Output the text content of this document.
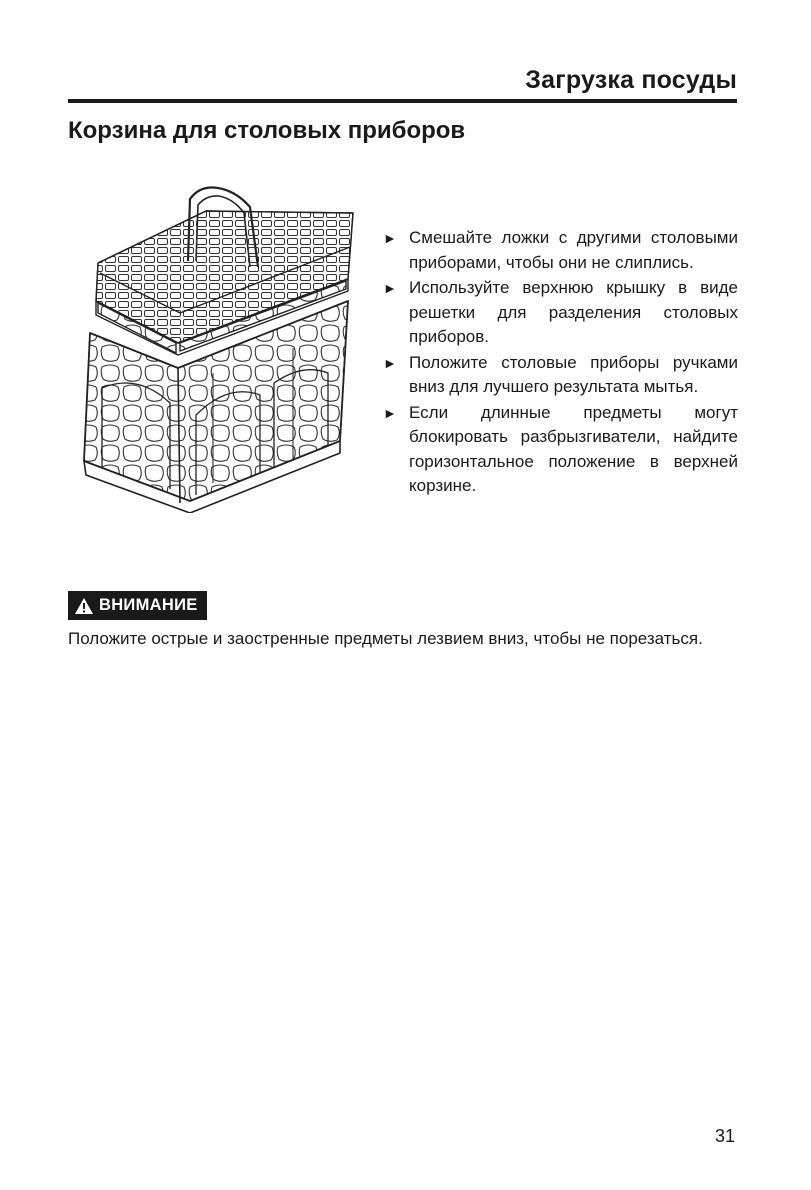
Загрузка посуды
Корзина для столовых приборов
► Смешайте ложки с другими столовыми приборами, чтобы они не слиплись.
► Используйте верхнюю крышку в виде решетки для разделения столовых приборов.
► Положите столовые приборы ручками вниз для лучшего результата мытья.
► Если длинные предметы могут блокировать разбрызгиватели, найдите горизонтальное положение в верхней корзине.
ВНИМАНИЕ
Положите острые и заостренные предметы лезвием вниз, чтобы не порезаться.
31
